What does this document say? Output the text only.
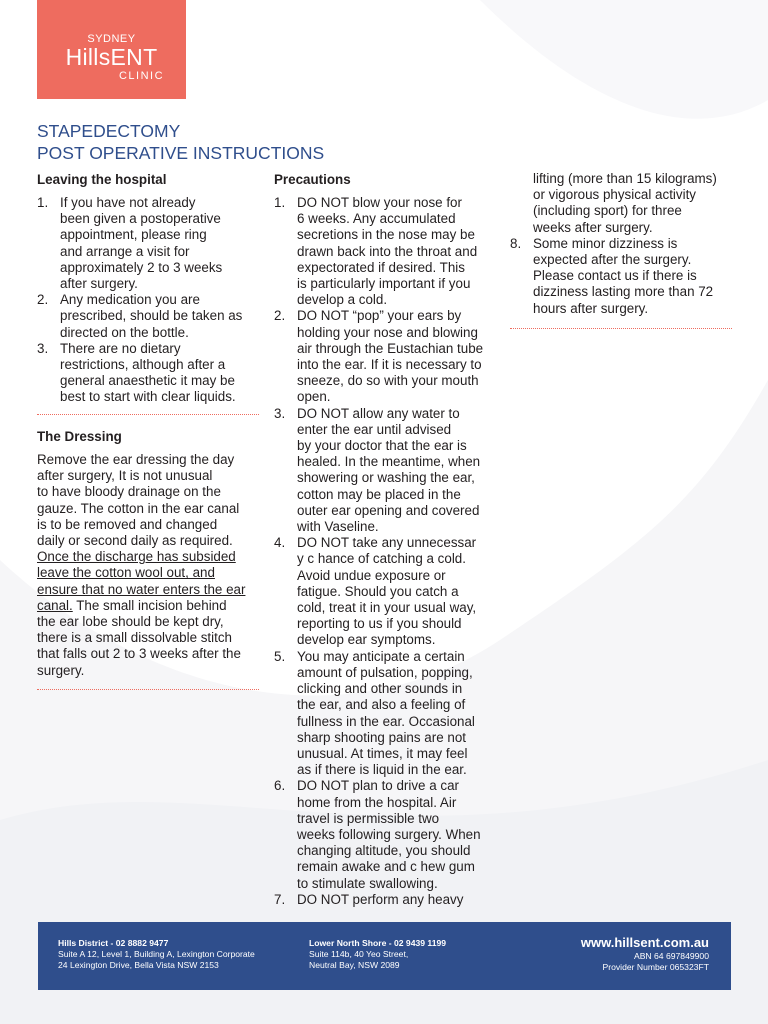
SYDNEY
HillsENT
CLINIC
STAPEDECTOMY
POST OPERATIVE INSTRUCTIONS
Leaving the hospital
1. If you have not already
been given a postoperative
appointment, please ring
and arrange a visit for
approximately 2 to 3 weeks
after surgery.
2. Any medication you are
prescribed, should be taken as
directed on the bottle.
3. There are no dietary
restrictions, although after a
general anaesthetic it may be
best to start with clear liquids.
The Dressing

Remove the ear dressing the day
after surgery, It is not unusual
to have bloody drainage on the
gauze. The cotton in the ear canal
is to be removed and changed
daily or second daily as required.
Once the discharge has subsided
leave the cotton wool out, and
ensure that no water enters the ear
canal. The small incision behind
the ear lobe should be kept dry,
there is a small dissolvable stitch
that falls out 2 to 3 weeks after the
surgery.

Precautions
1. DO NOT blow your nose for
6 weeks. Any accumulated
secretions in the nose may be
drawn back into the throat and
expectorated if desired. This
is particularly important if you
develop a cold.
2. DO NOT “pop” your ears by
holding your nose and blowing
air through the Eustachian tube
into the ear. If it is necessary to
sneeze, do so with your mouth
open.
3. DO NOT allow any water to
enter the ear until advised
by your doctor that the ear is
healed. In the meantime, when
showering or washing the ear,
cotton may be placed in the
outer ear opening and covered
with Vaseline.
4. DO NOT take any unnecessar
y c hance of catching a cold.
Avoid undue exposure or
fatigue. Should you catch a
cold, treat it in your usual way,
reporting to us if you should
develop ear symptoms.
5. You may anticipate a certain
amount of pulsation, popping,
clicking and other sounds in
the ear, and also a feeling of
fullness in the ear. Occasional
sharp shooting pains are not
unusual. At times, it may feel
as if there is liquid in the ear.
6. DO NOT plan to drive a car
home from the hospital. Air
travel is permissible two
weeks following surgery. When
changing altitude, you should
remain awake and c hew gum
to stimulate swallowing.
7. DO NOT perform any heavy

lifting (more than 15 kilograms)
or vigorous physical activity
(including sport) for three
weeks after surgery.

8. Some minor dizziness is
expected after the surgery.
Please contact us if there is
dizziness lasting more than 72
hours after surgery.
Hills District - 02 8882 9477
Suite A 12, Level 1, Building A, Lexington Corporate
24 Lexington Drive, Bella Vista NSW 2153
Lower North Shore - 02 9439 1199
Suite 114b, 40 Yeo Street,
Neutral Bay, NSW 2089
www.hillsent.com.au
ABN 64 697849900
Provider Number 065323FT
